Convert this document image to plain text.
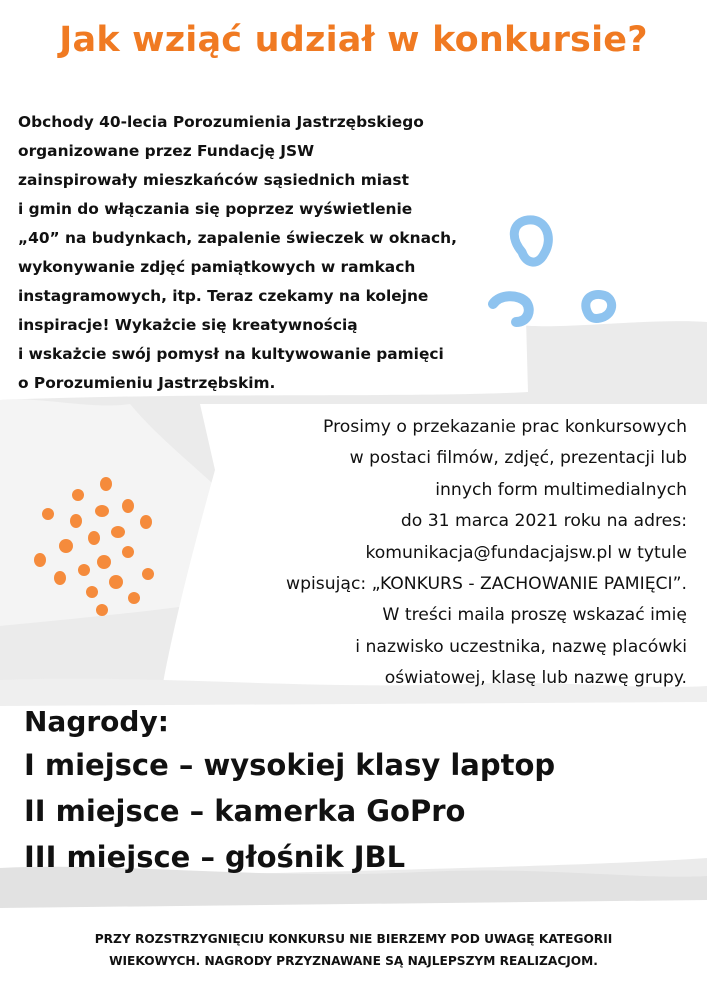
Jak wziąć udział w konkursie?
Obchody 40-lecia Porozumienia Jastrzębskiego
organizowane przez Fundację JSW
zainspirowały mieszkańców sąsiednich miast
i gmin do włączania się poprzez wyświetlenie
„40” na budynkach, zapalenie świeczek w oknach,
wykonywanie zdjęć pamiątkowych w ramkach
instagramowych, itp. Teraz czekamy na kolejne
inspiracje! Wykażcie się kreatywnością
i wskażcie swój pomysł na kultywowanie pamięci
o Porozumieniu Jastrzębskim.
Prosimy o przekazanie prac konkursowych
w postaci filmów, zdjęć, prezentacji lub
innych form multimedialnych
do 31 marca 2021 roku na adres:
komunikacja@fundacjajsw.pl w tytule
wpisując: „KONKURS - ZACHOWANIE PAMIĘCI”.
W treści maila proszę wskazać imię
i nazwisko uczestnika, nazwę placówki
oświatowej, klasę lub nazwę grupy.
Nagrody:
I miejsce – wysokiej klasy laptop
II miejsce – kamerka GoPro
III miejsce – głośnik JBL
PRZY ROZSTRZYGNIĘCIU KONKURSU NIE BIERZEMY POD UWAGĘ KATEGORII
WIEKOWYCH. NAGRODY PRZYZNAWANE SĄ NAJLEPSZYM REALIZACJOM.
